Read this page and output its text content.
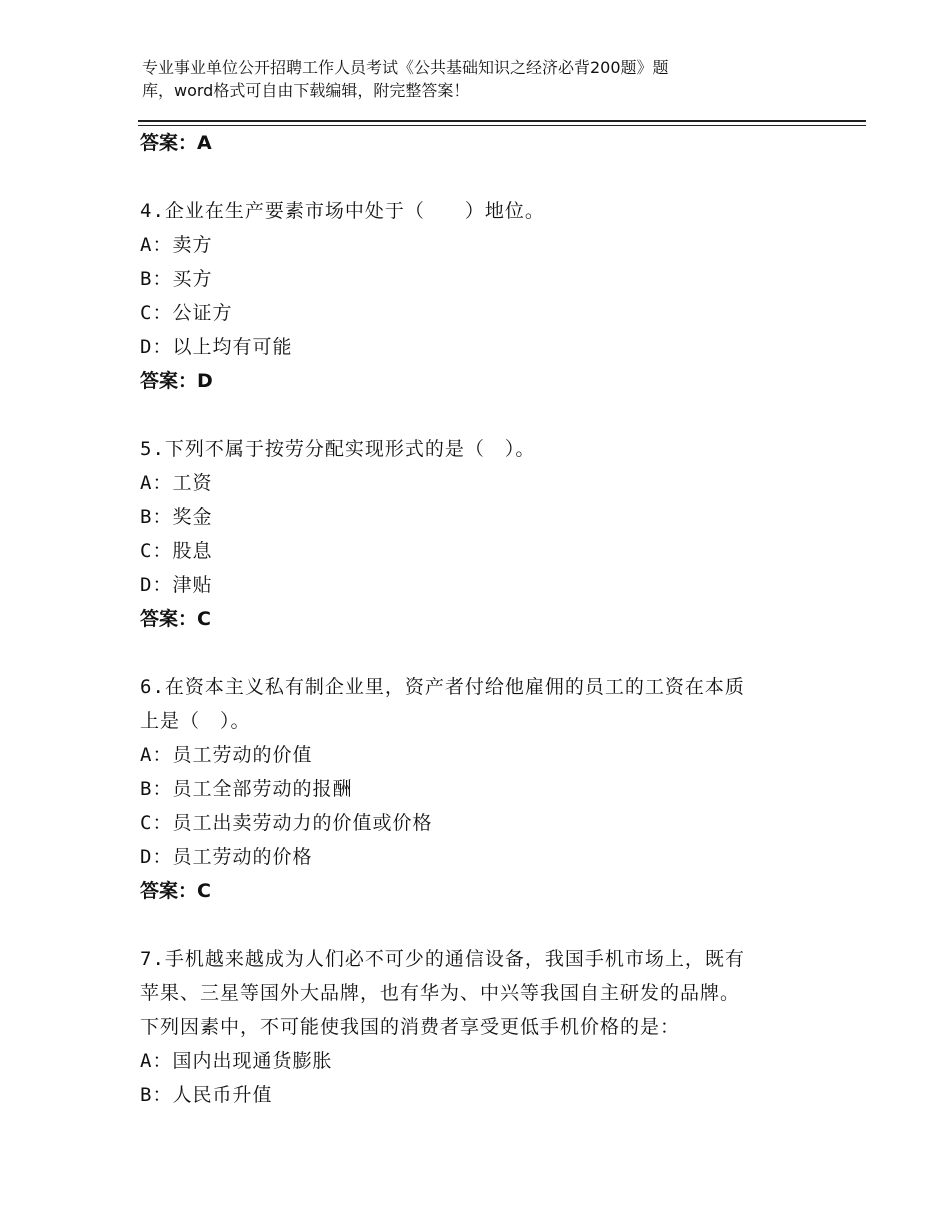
专业事业单位公开招聘工作人员考试《公共基础知识之经济必背200题》题
库，word格式可自由下载编辑，附完整答案！
答案：A
4.企业在生产要素市场中处于（　　）地位。
A：卖方
B：买方
C：公证方
D：以上均有可能
答案：D
5.下列不属于按劳分配实现形式的是（　）。
A：工资
B：奖金
C：股息
D：津贴
答案：C
6.在资本主义私有制企业里，资产者付给他雇佣的员工的工资在本质
上是（　）。
A：员工劳动的价值
B：员工全部劳动的报酬
C：员工出卖劳动力的价值或价格
D：员工劳动的价格
答案：C
7.手机越来越成为人们必不可少的通信设备，我国手机市场上，既有
苹果、三星等国外大品牌，也有华为、中兴等我国自主研发的品牌。
下列因素中，不可能使我国的消费者享受更低手机价格的是：
A：国内出现通货膨胀
B：人民币升值
